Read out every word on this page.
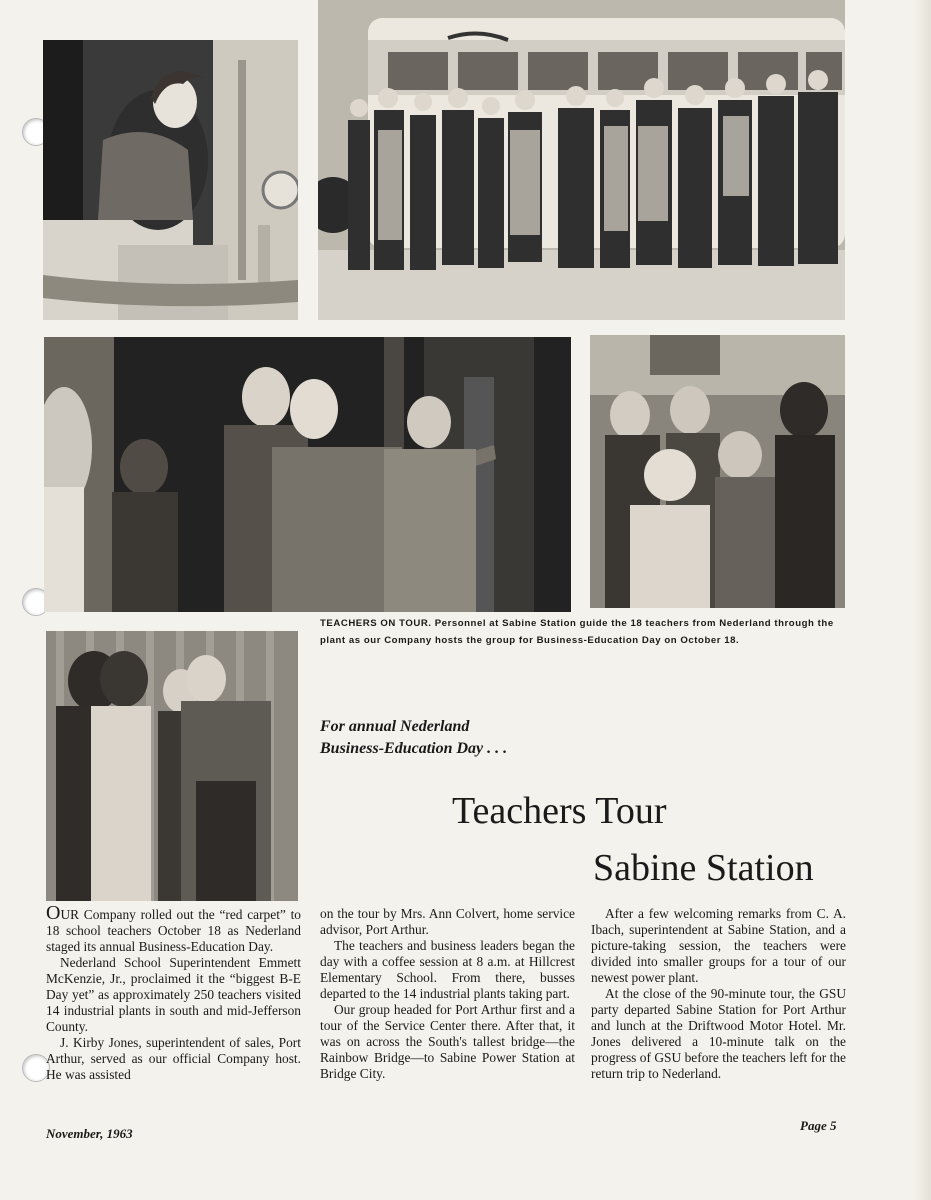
TEACHERS ON TOUR. Personnel at Sabine Station guide the 18 teachers from Nederland through the plant as our Company hosts the group for Business-Education Day on October 18.
For annual Nederland
Business-Education Day . . .
Teachers Tour
Sabine Station

OUR Company rolled out the “red carpet” to 18 school teachers October 18 as Nederland staged its annual Business-Education Day.

Nederland School Superintendent Emmett McKenzie, Jr., proclaimed it the “biggest B-E Day yet” as approximately 250 teachers visited 14 industrial plants in south and mid-Jefferson County.

J. Kirby Jones, superintendent of sales, Port Arthur, served as our official Company host. He was assisted

on the tour by Mrs. Ann Colvert, home service advisor, Port Arthur.

The teachers and business leaders began the day with a coffee session at 8 a.m. at Hillcrest Elementary School. From there, busses departed to the 14 industrial plants taking part.

Our group headed for Port Arthur first and a tour of the Service Center there. After that, it was on across the South's tallest bridge—the Rainbow Bridge—to Sabine Power Station at Bridge City.

After a few welcoming remarks from C. A. Ibach, superintendent at Sabine Station, and a picture-taking session, the teachers were divided into smaller groups for a tour of our newest power plant.

At the close of the 90-minute tour, the GSU party departed Sabine Station for Port Arthur and lunch at the Driftwood Motor Hotel. Mr. Jones delivered a 10-minute talk on the progress of GSU before the teachers left for the return trip to Nederland.

November, 1963
Page 5
